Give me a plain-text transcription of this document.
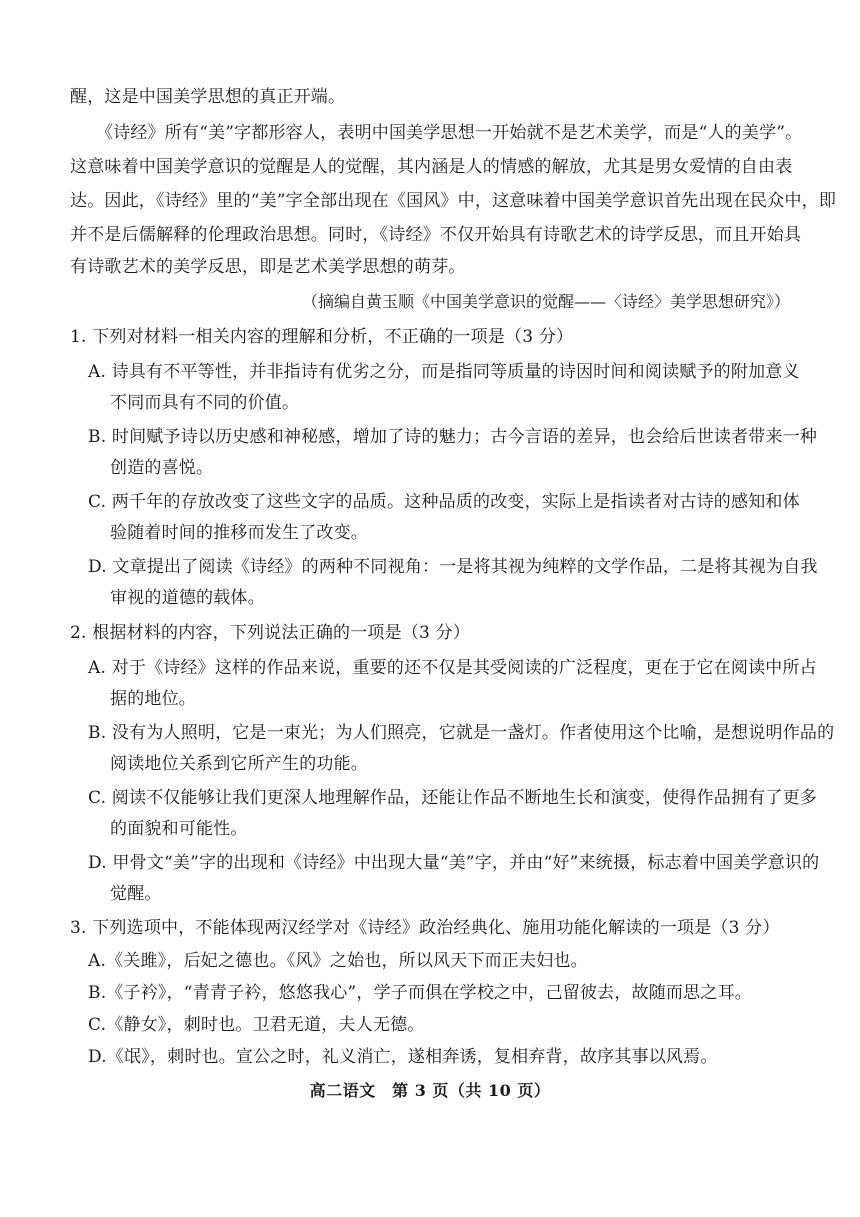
醒，这是中国美学思想的真正开端。
《诗经》所有“美”字都形容人，表明中国美学思想一开始就不是艺术美学，而是“人的美学”。
这意味着中国美学意识的觉醒是人的觉醒，其内涵是人的情感的解放，尤其是男女爱情的自由表
达。因此，《诗经》里的“美”字全部出现在《国风》中，这意味着中国美学意识首先出现在民众中，即
并不是后儒解释的伦理政治思想。同时，《诗经》不仅开始具有诗歌艺术的诗学反思，而且开始具
有诗歌艺术的美学反思，即是艺术美学思想的萌芽。
（摘编自黄玉顺《中国美学意识的觉醒——〈诗经〉美学思想研究》）
1. 下列对材料一相关内容的理解和分析，不正确的一项是（3 分）
A. 诗具有不平等性，并非指诗有优劣之分，而是指同等质量的诗因时间和阅读赋予的附加意义
不同而具有不同的价值。
B. 时间赋予诗以历史感和神秘感，增加了诗的魅力；古今言语的差异，也会给后世读者带来一种
创造的喜悦。
C. 两千年的存放改变了这些文字的品质。这种品质的改变，实际上是指读者对古诗的感知和体
验随着时间的推移而发生了改变。
D. 文章提出了阅读《诗经》的两种不同视角：一是将其视为纯粹的文学作品，二是将其视为自我
审视的道德的载体。
2. 根据材料的内容，下列说法正确的一项是（3 分）
A. 对于《诗经》这样的作品来说，重要的还不仅是其受阅读的广泛程度，更在于它在阅读中所占
据的地位。
B. 没有为人照明，它是一束光；为人们照亮，它就是一盏灯。作者使用这个比喻，是想说明作品的
阅读地位关系到它所产生的功能。
C. 阅读不仅能够让我们更深人地理解作品，还能让作品不断地生长和演变，使得作品拥有了更多
的面貌和可能性。
D. 甲骨文“美”字的出现和《诗经》中出现大量“美”字，并由“好”来统摄，标志着中国美学意识的
觉醒。
3. 下列选项中，不能体现两汉经学对《诗经》政治经典化、施用功能化解读的一项是（3 分）
A.《关雎》，后妃之德也。《风》之始也，所以风天下而正夫妇也。
B.《子衿》，“青青子衿，悠悠我心”，学子而俱在学校之中，己留彼去，故随而思之耳。
C.《静女》，刺时也。卫君无道，夫人无德。
D.《氓》，刺时也。宣公之时，礼义消亡，遂相奔诱，复相弃背，故序其事以风焉。
高二语文　第 3 页（共 10 页）
